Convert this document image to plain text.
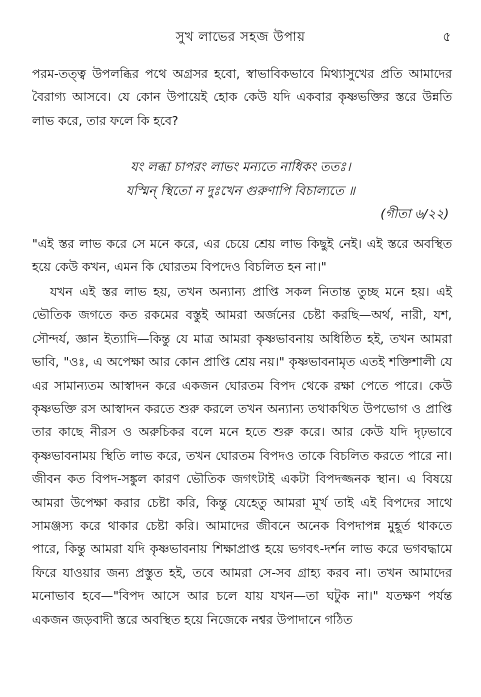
সুখ লাভের সহজ উপায়	৫

পরম-তত্ত্ব উপলব্ধির পথে অগ্রসর হবো, স্বাভাবিকভাবে মিথ্যাসুখের প্রতি আমাদের বৈরাগ্য আসবে। যে কোন উপায়েই হোক কেউ যদি একবার কৃষ্ণভক্তির স্তরে উন্নতি লাভ করে, তার ফলে কি হবে?

যং লব্ধা চাপরং লাভং মন্যতে নাধিকং ততঃ।
যস্মিন্ স্থিতো ন দুঃখেন গুরুণাপি বিচাল্যতে ॥
(গীতা ৬/২২)

"এই স্তর লাভ করে সে মনে করে, এর চেয়ে শ্রেয় লাভ কিছুই নেই। এই স্তরে অবস্থিত হয়ে কেউ কখন, এমন কি ঘোরতম বিপদেও বিচলিত হন না।"

যখন এই স্তর লাভ হয়, তখন অন্যান্য প্রাপ্তি সকল নিতান্ত তুচ্ছ মনে হয়। এই ভৌতিক জগতে কত রকমের বস্তুই আমরা অর্জনের চেষ্টা করছি—অর্থ, নারী, যশ, সৌন্দর্য, জ্ঞান ইত্যাদি—কিন্তু যে মাত্র আমরা কৃষ্ণভাবনায় অধিষ্ঠিত হই, তখন আমরা ভাবি, "ওঃ, এ অপেক্ষা আর কোন প্রাপ্তি শ্রেয় নয়।" কৃষ্ণভাবনামৃত এতই শক্তিশালী যে এর সামান্যতম আস্বাদন করে একজন ঘোরতম বিপদ থেকে রক্ষা পেতে পারে। কেউ কৃষ্ণভক্তি রস আস্বাদন করতে শুরু করলে তখন অন্যান্য তথাকথিত উপভোগ ও প্রাপ্তি তার কাছে নীরস ও অরুচিকর বলে মনে হতে শুরু করে। আর কেউ যদি দৃঢ়ভাবে কৃষ্ণভাবনাময় স্থিতি লাভ করে, তখন ঘোরতম বিপদও তাকে বিচলিত করতে পারে না। জীবন কত বিপদ-সঙ্কুল কারণ ভৌতিক জগৎটাই একটা বিপদজ্জনক স্থান। এ বিষয়ে আমরা উপেক্ষা করার চেষ্টা করি, কিন্তু যেহেতু আমরা মূর্খ তাই এই বিপদের সাথে সামঞ্জস্য করে থাকার চেষ্টা করি। আমাদের জীবনে অনেক বিপদাপন্ন মুহূর্ত থাকতে পারে, কিন্তু আমরা যদি কৃষ্ণভাবনায় শিক্ষাপ্রাপ্ত হয়ে ভগবৎ-দর্শন লাভ করে ভগবদ্ধামে ফিরে যাওয়ার জন্য প্রস্তুত হই, তবে আমরা সে-সব গ্রাহ্য করব না। তখন আমাদের মনোভাব হবে—"বিপদ আসে আর চলে যায় যখন—তা ঘটুক না।" যতক্ষণ পর্যন্ত একজন জড়বাদী স্তরে অবস্থিত হয়ে নিজেকে নশ্বর উপাদানে গঠিত
